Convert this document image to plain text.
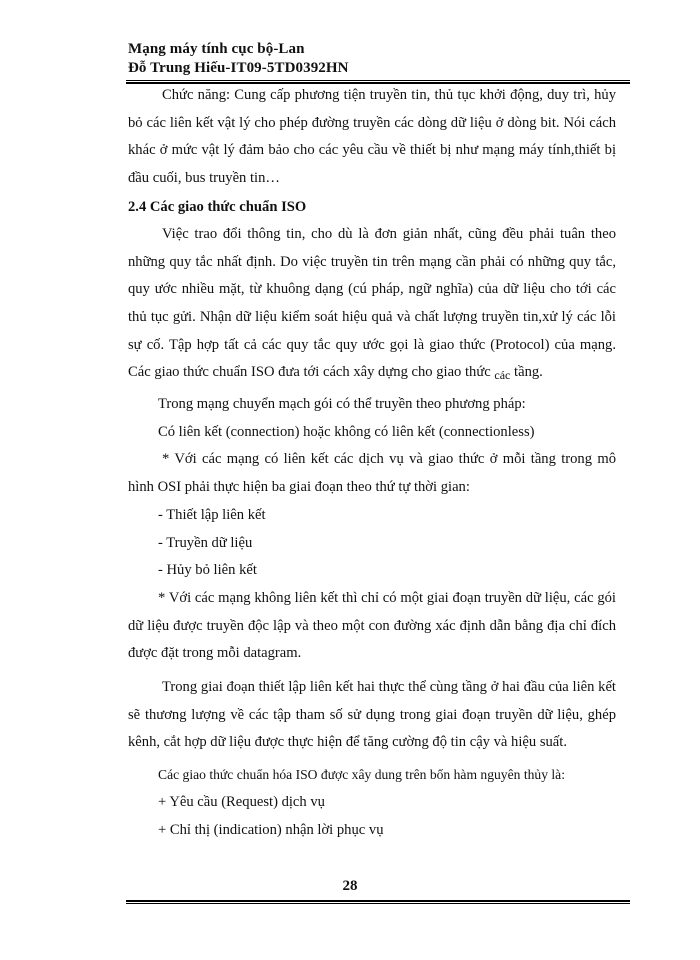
Mạng máy tính cục bộ-Lan
Đỗ Trung Hiếu-IT09-5TD0392HN

Chức năng: Cung cấp phương tiện truyền tin, thủ tục khởi động, duy trì, hủy bỏ các liên kết vật lý cho phép đường truyền các dòng dữ liệu ở dòng bit. Nói cách khác ở mức vật lý đảm bảo cho các yêu cầu về thiết bị như mạng máy tính,thiết bị đầu cuối, bus truyền tin…

2.4 Các giao thức chuẩn ISO

Việc trao đổi thông tin, cho dù là đơn giản nhất, cũng đều phải tuân theo những quy tắc nhất định. Do việc truyền tin trên mạng cần phải có những quy tắc, quy ước nhiều mặt, từ khuông dạng (cú pháp, ngữ nghĩa) của dữ liệu cho tới các thủ tục gửi. Nhận dữ liệu kiểm soát hiệu quả và chất lượng truyền tin,xử lý các lỗi sự cố. Tập hợp tất cả các quy tắc quy ước gọi là giao thức (Protocol) của mạng. Các giao thức chuẩn ISO đưa tới cách xây dựng cho giao thức $_{các}$ tầng.

Trong mạng chuyển mạch gói có thể truyền theo phương pháp:

Có liên kết (connection) hoặc không có liên kết (connectionless)

* Với các mạng có liên kết các dịch vụ và giao thức ở mỗi tầng trong mô hình OSI phải thực hiện ba giai đoạn theo thứ tự thời gian:

- Thiết lập liên kết

- Truyền dữ liệu

- Hủy bỏ liên kết

* Với các mạng không liên kết thì chỉ có một giai đoạn truyền dữ liệu, các gói dữ liệu được truyền độc lập và theo một con đường xác định dẫn bằng địa chỉ đích được đặt trong mỗi datagram.

Trong giai đoạn thiết lập liên kết hai thực thể cùng tầng ở hai đầu của liên kết sẽ thương lượng về các tập tham số sử dụng trong giai đoạn truyền dữ liệu, ghép kênh, cắt hợp dữ liệu được thực hiện để tăng cường độ tin cậy và hiệu suất.

Các giao thức chuẩn hóa ISO được xây dung trên bốn hàm nguyên thủy là:

+ Yêu cầu (Request) dịch vụ

+ Chỉ thị (indication) nhận lời phục vụ

28
